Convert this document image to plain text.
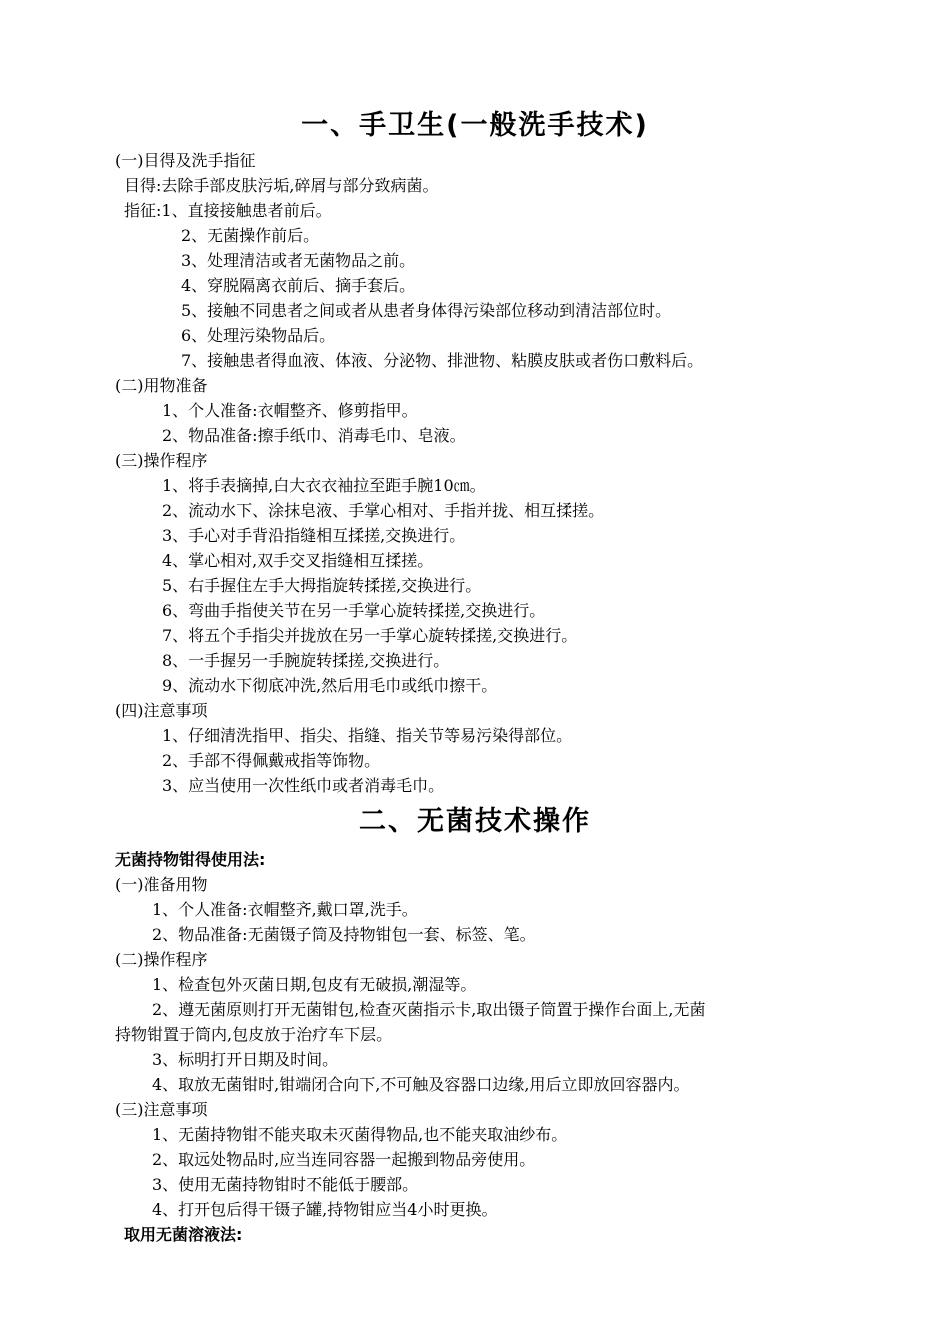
一、手卫生(一般洗手技术)

(一)目得及洗手指征

目得:去除手部皮肤污垢,碎屑与部分致病菌。

指征:1、直接接触患者前后。

2、无菌操作前后。

3、处理清洁或者无菌物品之前。

4、穿脱隔离衣前后、摘手套后。

5、接触不同患者之间或者从患者身体得污染部位移动到清洁部位时。

6、处理污染物品后。

7、接触患者得血液、体液、分泌物、排泄物、粘膜皮肤或者伤口敷料后。

(二)用物准备

1、个人准备:衣帽整齐、修剪指甲。

2、物品准备:擦手纸巾、消毒毛巾、皂液。

(三)操作程序

1、将手表摘掉,白大衣衣袖拉至距手腕10㎝。

2、流动水下、涂抹皂液、手掌心相对、手指并拢、相互揉搓。

3、手心对手背沿指缝相互揉搓,交换进行。

4、掌心相对,双手交叉指缝相互揉搓。

5、右手握住左手大拇指旋转揉搓,交换进行。

6、弯曲手指使关节在另一手掌心旋转揉搓,交换进行。

7、将五个手指尖并拢放在另一手掌心旋转揉搓,交换进行。

8、一手握另一手腕旋转揉搓,交换进行。

9、流动水下彻底冲洗,然后用毛巾或纸巾擦干。

(四)注意事项

1、仔细清洗指甲、指尖、指缝、指关节等易污染得部位。

2、手部不得佩戴戒指等饰物。

3、应当使用一次性纸巾或者消毒毛巾。

二、无菌技术操作

无菌持物钳得使用法:

(一)准备用物

1、个人准备:衣帽整齐,戴口罩,洗手。

2、物品准备:无菌镊子筒及持物钳包一套、标签、笔。

(二)操作程序

1、检查包外灭菌日期,包皮有无破损,潮湿等。

2、遵无菌原则打开无菌钳包,检查灭菌指示卡,取出镊子筒置于操作台面上,无菌

持物钳置于筒内,包皮放于治疗车下层。

3、标明打开日期及时间。

4、取放无菌钳时,钳端闭合向下,不可触及容器口边缘,用后立即放回容器内。

(三)注意事项

1、无菌持物钳不能夹取未灭菌得物品,也不能夹取油纱布。

2、取远处物品时,应当连同容器一起搬到物品旁使用。

3、使用无菌持物钳时不能低于腰部。

4、打开包后得干镊子罐,持物钳应当4小时更换。

取用无菌溶液法:
